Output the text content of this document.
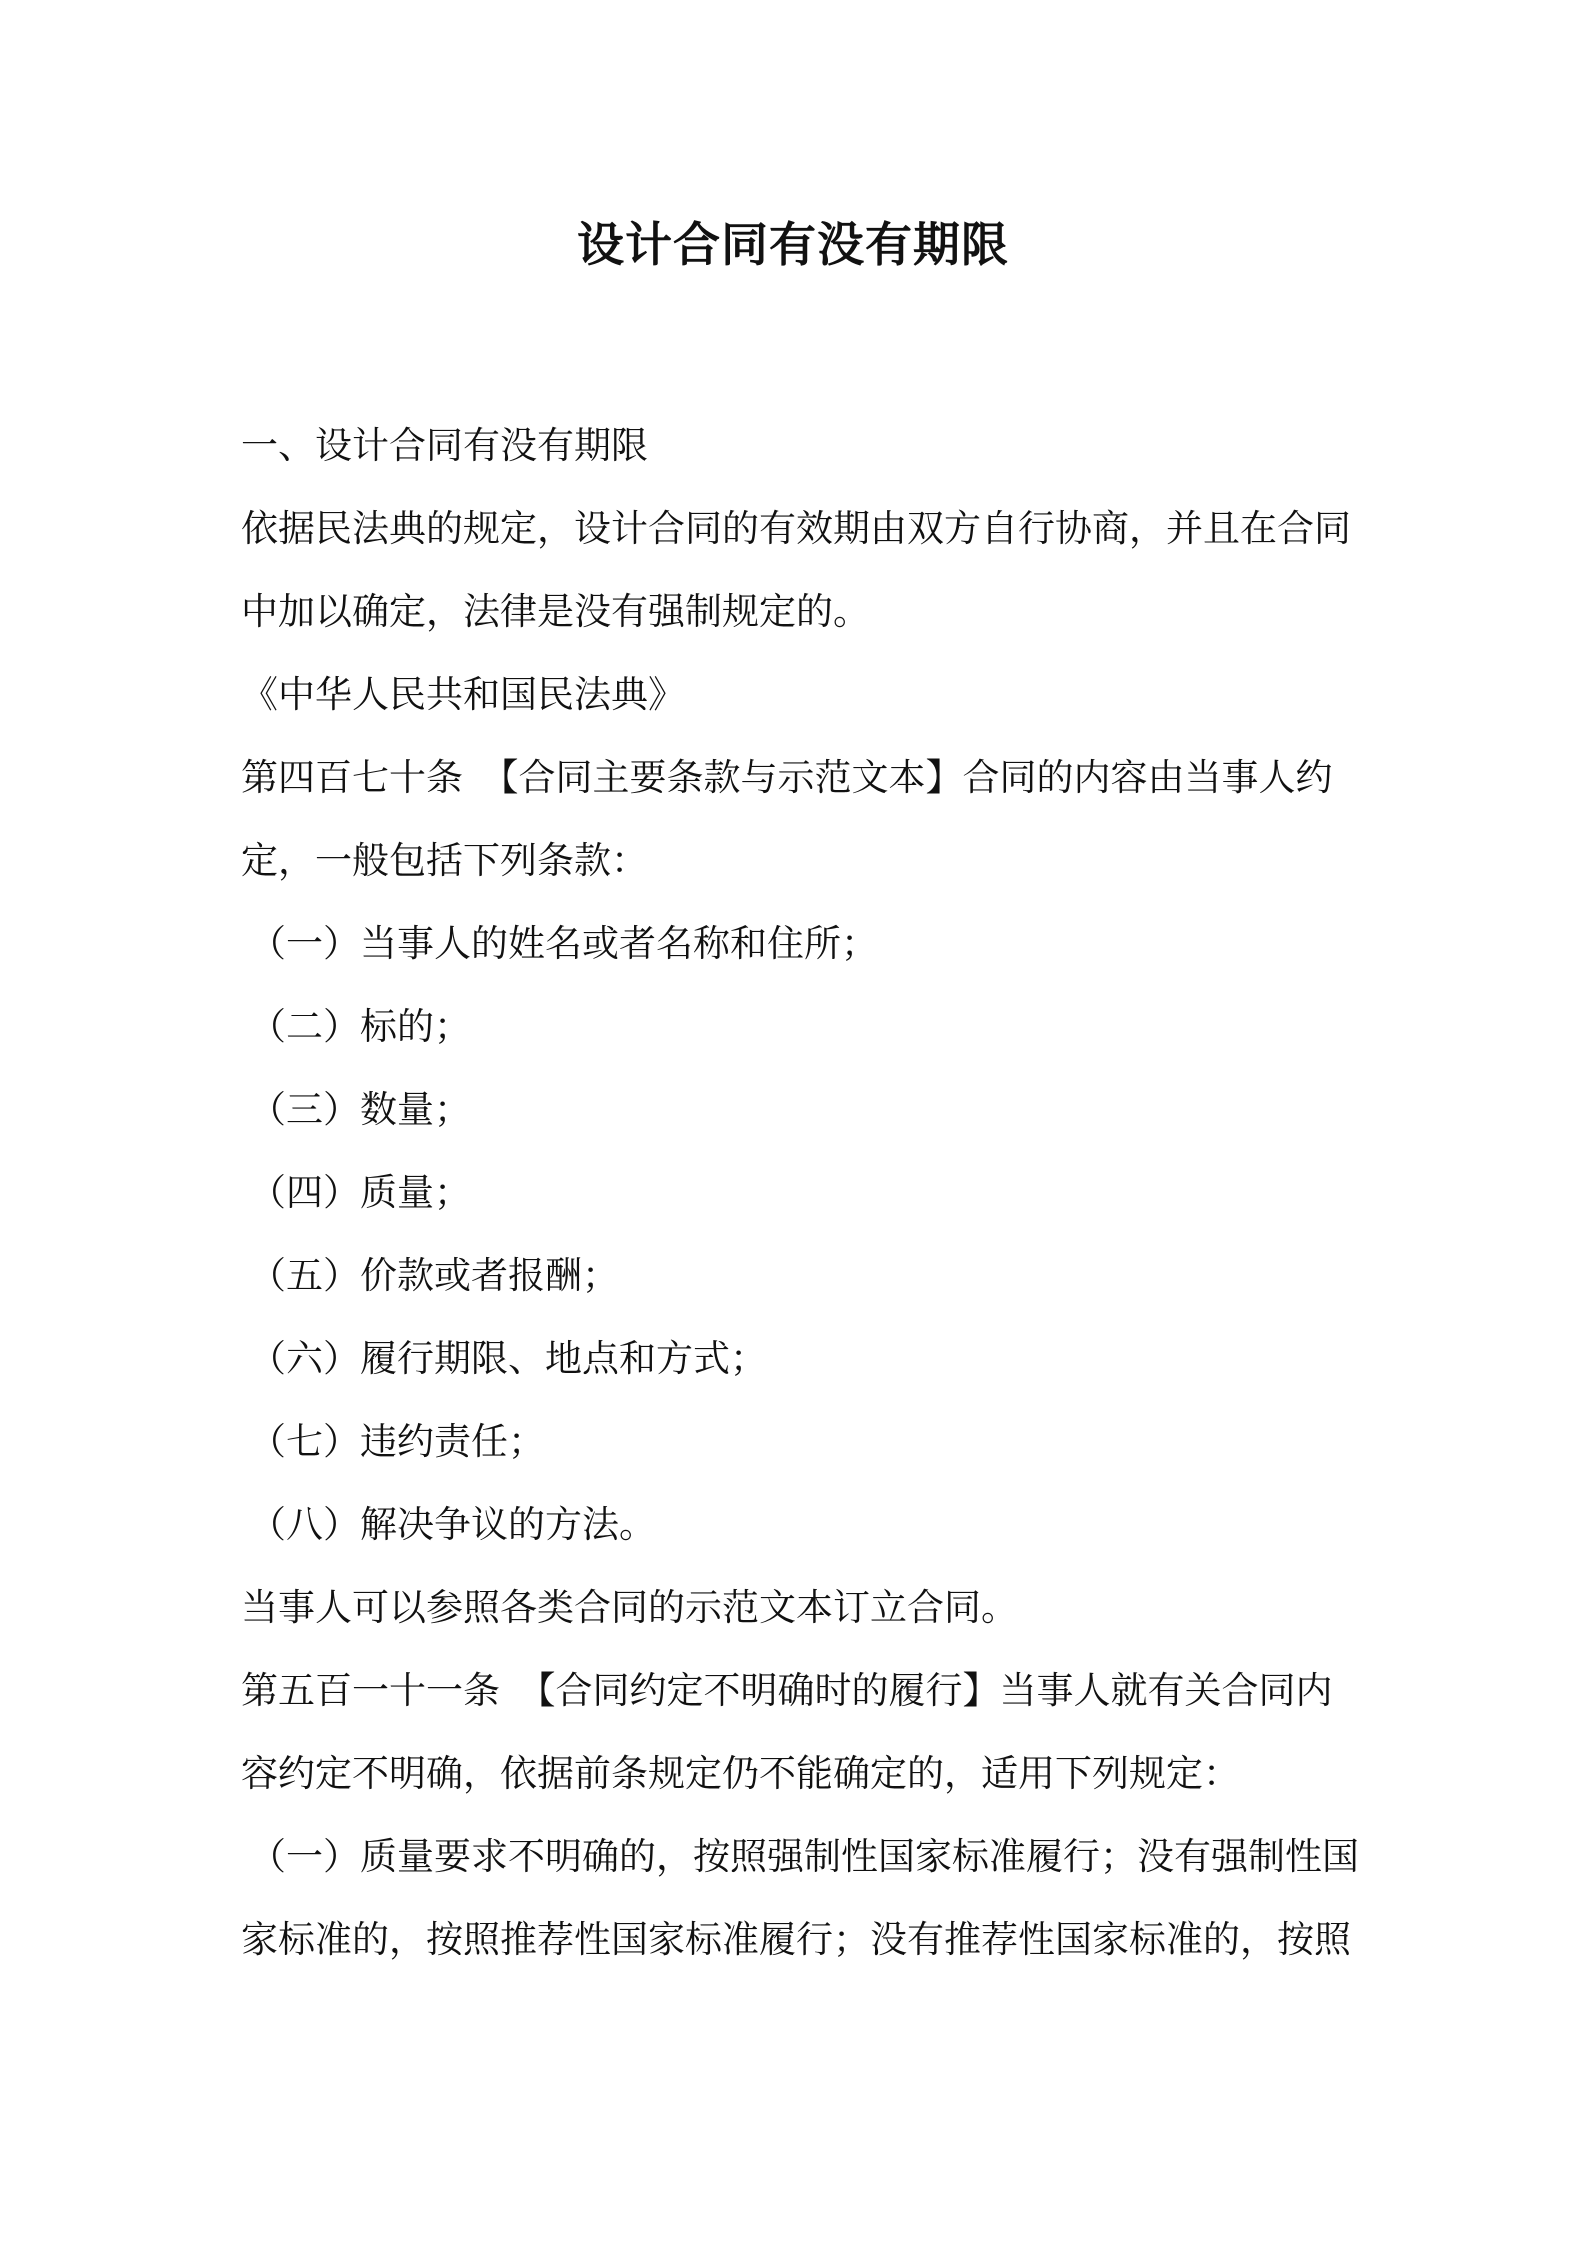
设计合同有没有期限
一、设计合同有没有期限
依据民法典的规定，设计合同的有效期由双方自行协商，并且在合同
中加以确定，法律是没有强制规定的。
《中华人民共和国民法典》
第四百七十条　【合同主要条款与示范文本】合同的内容由当事人约
定，一般包括下列条款：
（一）当事人的姓名或者名称和住所；
（二）标的；
（三）数量；
（四）质量；
（五）价款或者报酬；
（六）履行期限、地点和方式；
（七）违约责任；
（八）解决争议的方法。
当事人可以参照各类合同的示范文本订立合同。
第五百一十一条　【合同约定不明确时的履行】当事人就有关合同内
容约定不明确，依据前条规定仍不能确定的，适用下列规定：
（一）质量要求不明确的，按照强制性国家标准履行；没有强制性国
家标准的，按照推荐性国家标准履行；没有推荐性国家标准的，按照
